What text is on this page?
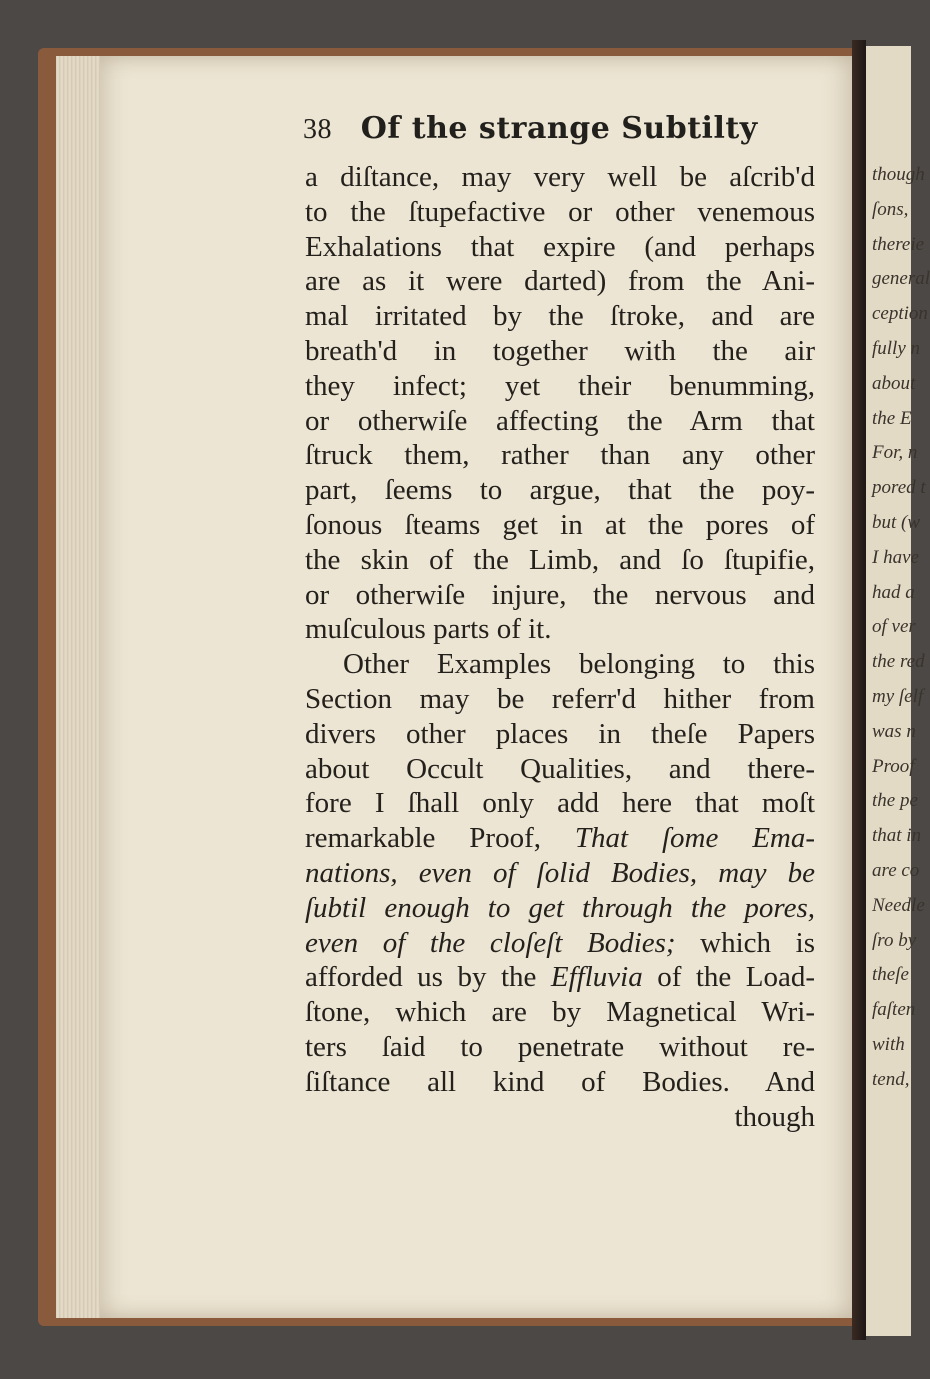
though
ſons,
thereie
general
ception
fully n
about
the E
For, n
pored t
but (w
I have
had a
of ver
the red
my ſelf
was n
Proof
the pe
that in
are co
Needle
ſro by
theſe
faſten
with
tend,
38 Of the strange Subtilty
a diſtance, may very well be aſcrib'd
to the ſtupefactive or other venemous
Exhalations that expire (and perhaps
are as it were darted) from the Ani-
mal irritated by the ſtroke, and are
breath'd in together with the air
they infect; yet their benumming,
or otherwiſe affecting the Arm that
ſtruck them, rather than any other
part, ſeems to argue, that the poy-
ſonous ſteams get in at the pores of
the skin of the Limb, and ſo ſtupifie,
or otherwiſe injure, the nervous and
muſculous parts of it.
Other Examples belonging to this
Section may be referr'd hither from
divers other places in theſe Papers
about Occult Qualities, and there-
fore I ſhall only add here that moſt
remarkable Proof, That ſome Ema-
nations, even of ſolid Bodies, may be
ſubtil enough to get through the pores,
even of the cloſeſt Bodies; which is
afforded us by the Effluvia of the Load-
ſtone, which are by Magnetical Wri-
ters ſaid to penetrate without re-
ſiſtance all kind of Bodies. And
though
